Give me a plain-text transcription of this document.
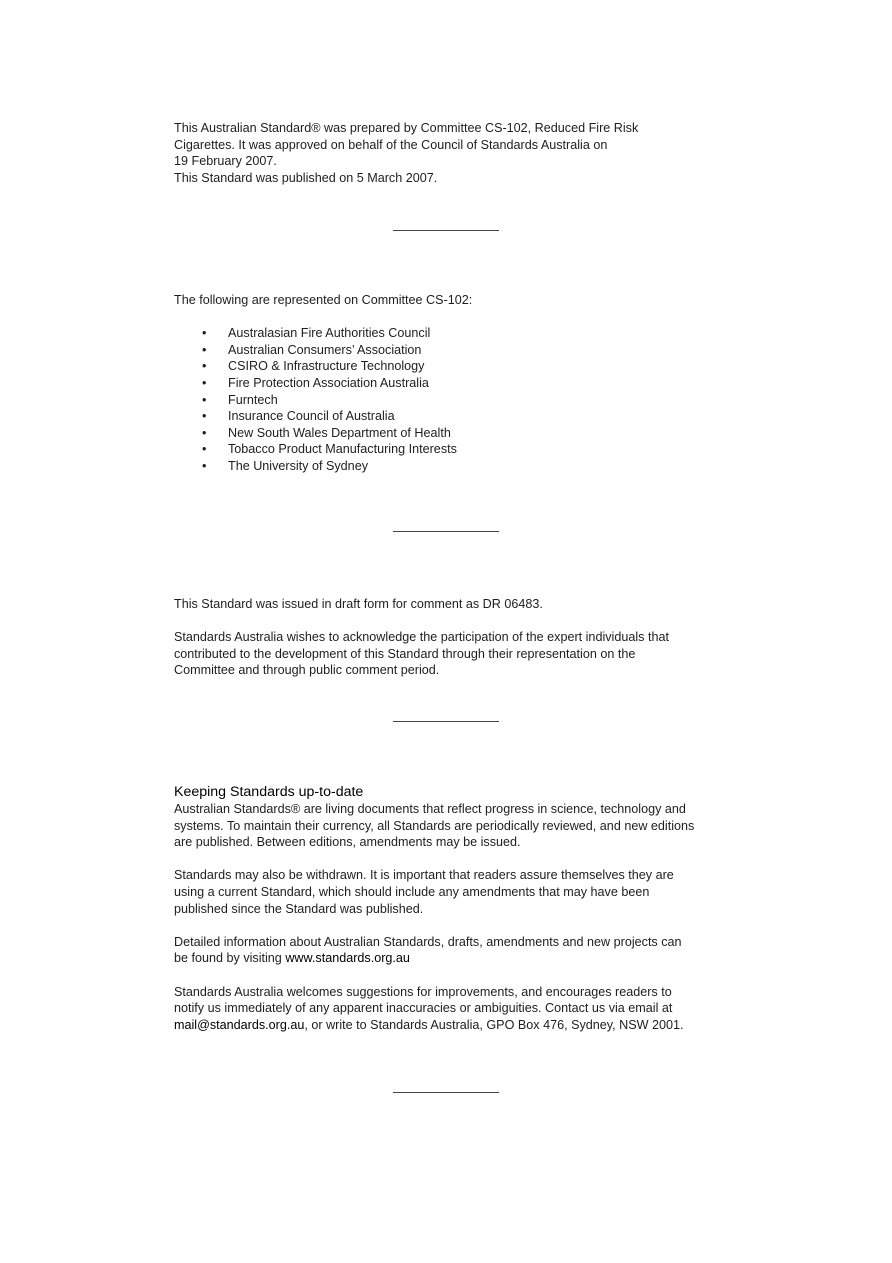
This Australian Standard® was prepared by Committee CS-102, Reduced Fire Risk

Cigarettes. It was approved on behalf of the Council of Standards Australia on

19 February 2007.

This Standard was published on 5 March 2007.

The following are represented on Committee CS-102:

• Australasian Fire Authorities Council
• Australian Consumers’ Association
• CSIRO & Infrastructure Technology
• Fire Protection Association Australia
• Furntech
• Insurance Council of Australia
• New South Wales Department of Health
• Tobacco Product Manufacturing Interests
• The University of Sydney

This Standard was issued in draft form for comment as DR 06483.

Standards Australia wishes to acknowledge the participation of the expert individuals that

contributed to the development of this Standard through their representation on the

Committee and through public comment period.

Keeping Standards up-to-date

Australian Standards® are living documents that reflect progress in science, technology and

systems. To maintain their currency, all Standards are periodically reviewed, and new editions

are published. Between editions, amendments may be issued.

Standards may also be withdrawn. It is important that readers assure themselves they are

using a current Standard, which should include any amendments that may have been

published since the Standard was published.

Detailed information about Australian Standards, drafts, amendments and new projects can

be found by visiting www.standards.org.au

Standards Australia welcomes suggestions for improvements, and encourages readers to

notify us immediately of any apparent inaccuracies or ambiguities. Contact us via email at

mail@standards.org.au, or write to Standards Australia, GPO Box 476, Sydney, NSW 2001.
